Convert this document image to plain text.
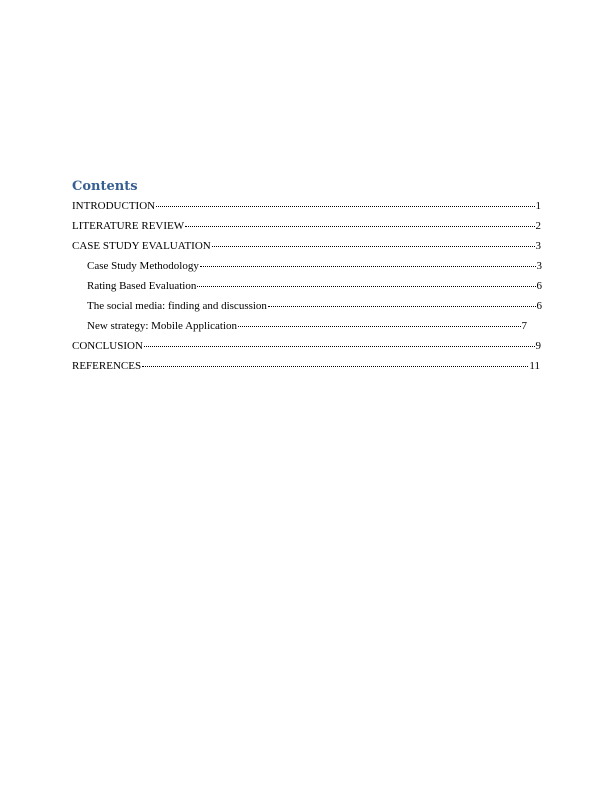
Contents
INTRODUCTION	1
LITERATURE REVIEW	2
CASE STUDY EVALUATION	3
Case Study Methodology	3
Rating Based Evaluation	6
The social media: finding and discussion	6
New strategy: Mobile Application	7
CONCLUSION	9
REFERENCES	11
